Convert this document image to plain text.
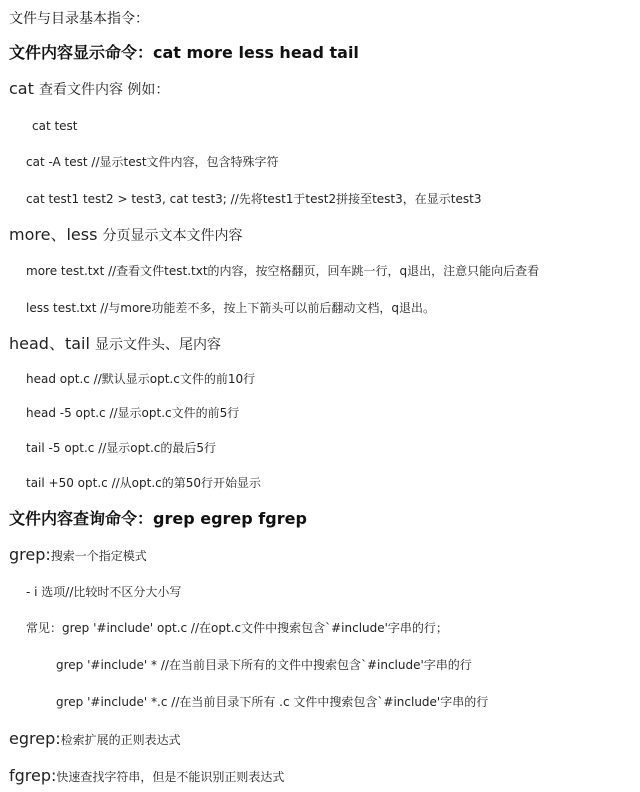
文件与目录基本指令：
文件内容显示命令：cat more less head tail
cat 查看文件内容 例如：
cat test
cat -A test //显示test文件内容，包含特殊字符
cat test1 test2 > test3, cat test3; //先将test1于test2拼接至test3，在显示test3
more、less 分页显示文本文件内容
more test.txt //查看文件test.txt的内容，按空格翻页，回车跳一行，q退出，注意只能向后查看
less test.txt //与more功能差不多，按上下箭头可以前后翻动文档，q退出。
head、tail 显示文件头、尾内容
head opt.c //默认显示opt.c文件的前10行
head -5 opt.c //显示opt.c文件的前5行
tail -5 opt.c //显示opt.c的最后5行
tail +50 opt.c //从opt.c的第50行开始显示
文件内容查询命令：grep egrep fgrep
grep:搜索一个指定模式
- i 选项//比较时不区分大小写
常见：grep '#include' opt.c //在opt.c文件中搜索包含`#include'字串的行；
grep '#include' * //在当前目录下所有的文件中搜索包含`#include'字串的行
grep '#include' *.c //在当前目录下所有 .c 文件中搜索包含`#include'字串的行
egrep:检索扩展的正则表达式
fgrep:快速查找字符串，但是不能识别正则表达式
